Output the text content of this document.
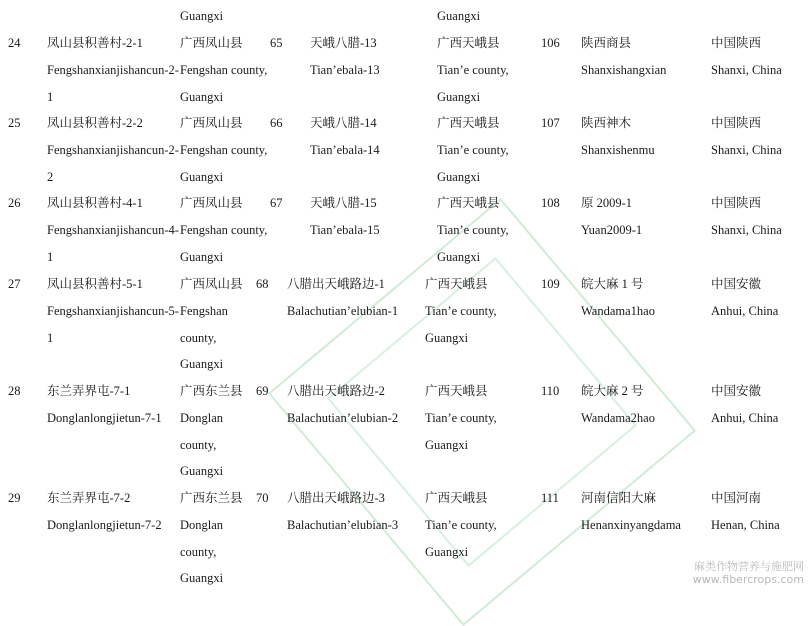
Guangxi	Guangxi
24 凤山县积善村-2-1
Fengshanxianjishancun-2-
1
广西凤山县
Fengshan county,
Guangxi
65 天峨八腊-13
Tian’ebala-13
广西天峨县
Tian’e county,
Guangxi
106 陕西商县
Shanxishangxian
中国陕西
Shanxi, China
25 凤山县积善村-2-2
Fengshanxianjishancun-2-
2
广西凤山县
Fengshan county,
Guangxi
66 天峨八腊-14
Tian’ebala-14
广西天峨县
Tian’e county,
Guangxi
107 陕西神木
Shanxishenmu
中国陕西
Shanxi, China
26 凤山县积善村-4-1
Fengshanxianjishancun-4-
1
广西凤山县
Fengshan county,
Guangxi
67 天峨八腊-15
Tian’ebala-15
广西天峨县
Tian’e county,
Guangxi
108 原 2009-1
Yuan2009-1
中国陕西
Shanxi, China
27 凤山县积善村-5-1
Fengshanxianjishancun-5-
1
广西凤山县
Fengshan
county,
Guangxi
68 八腊出天峨路边-1
Balachutian’elubian-1
广西天峨县
Tian’e county,
Guangxi
109 皖大麻 1 号
Wandama1hao
中国安徽
Anhui, China
28 东兰弄界屯-7-1
Donglanlongjietun-7-1
广西东兰县
Donglan
county,
Guangxi
69 八腊出天峨路边-2
Balachutian’elubian-2
广西天峨县
Tian’e county,
Guangxi
110 皖大麻 2 号
Wandama2hao
中国安徽
Anhui, China
29 东兰弄界屯-7-2
Donglanlongjietun-7-2
广西东兰县
Donglan
county,
Guangxi
70 八腊出天峨路边-3
Balachutian’elubian-3
广西天峨县
Tian’e county,
Guangxi
111 河南信阳大麻
Henanxinyangdama
中国河南
Henan, China
麻类作物营养与施肥网
www.fibercrops.com
